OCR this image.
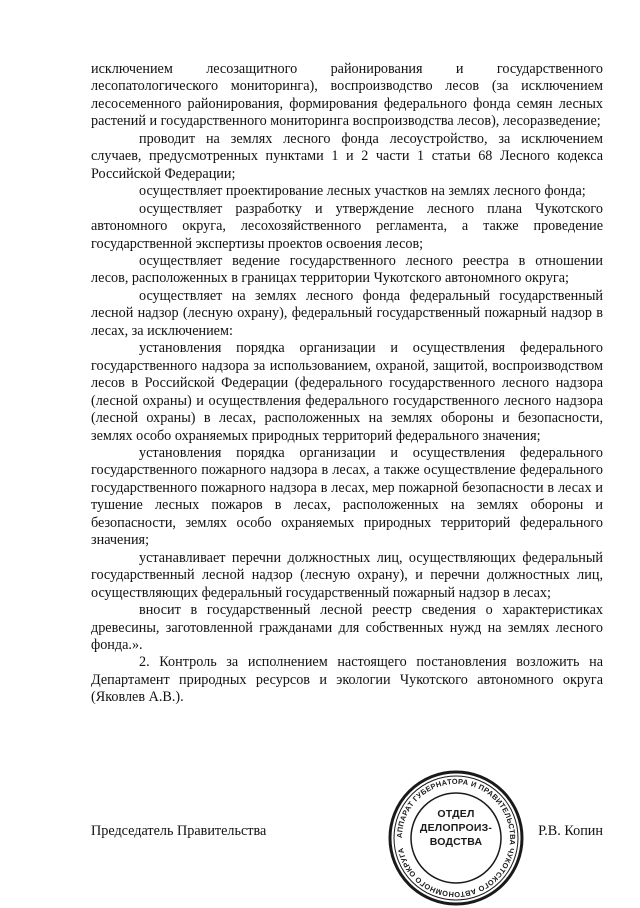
исключением лесозащитного районирования и государственного лесопатологического мониторинга), воспроизводство лесов (за исключением лесосеменного районирования, формирования федерального фонда семян лесных растений и государственного мониторинга воспроизводства лесов), лесоразведение;

проводит на землях лесного фонда лесоустройство, за исключением случаев, предусмотренных пунктами 1 и 2 части 1 статьи 68 Лесного кодекса Российской Федерации;

осуществляет проектирование лесных участков на землях лесного фонда;

осуществляет разработку и утверждение лесного плана Чукотского автономного округа, лесохозяйственного регламента, а также проведение государственной экспертизы проектов освоения лесов;

осуществляет ведение государственного лесного реестра в отношении лесов, расположенных в границах территории Чукотского автономного округа;

осуществляет на землях лесного фонда федеральный государственный лесной надзор (лесную охрану), федеральный государственный пожарный надзор в лесах, за исключением:

установления порядка организации и осуществления федерального государственного надзора за использованием, охраной, защитой, воспроизводством лесов в Российской Федерации (федерального государственного лесного надзора (лесной охраны) и осуществления федерального государственного лесного надзора (лесной охраны) в лесах, расположенных на землях обороны и безопасности, землях особо охраняемых природных территорий федерального значения;

установления порядка организации и осуществления федерального государственного пожарного надзора в лесах, а также осуществление федерального государственного пожарного надзора в лесах, мер пожарной безопасности в лесах и тушение лесных пожаров в лесах, расположенных на землях обороны и безопасности, землях особо охраняемых природных территорий федерального значения;

устанавливает перечни должностных лиц, осуществляющих федеральный государственный лесной надзор (лесную охрану), и перечни должностных лиц, осуществляющих федеральный государственный пожарный надзор в лесах;

вносит в государственный лесной реестр сведения о характеристиках древесины, заготовленной гражданами для собственных нужд на землях лесного фонда.».

2. Контроль за исполнением настоящего постановления возложить на Департамент природных ресурсов и экологии Чукотского автономного округа (Яковлев А.В.).

Председатель Правительства	Р.В. Копин
АППАРАТ ГУБЕРНАТОРА И ПРАВИТЕЛЬСТВА ЧУКОТСКОГО АВТОНОМНОГО ОКРУГА
ОТДЕЛ
ДЕЛОПРОИЗ-
ВОДСТВА
